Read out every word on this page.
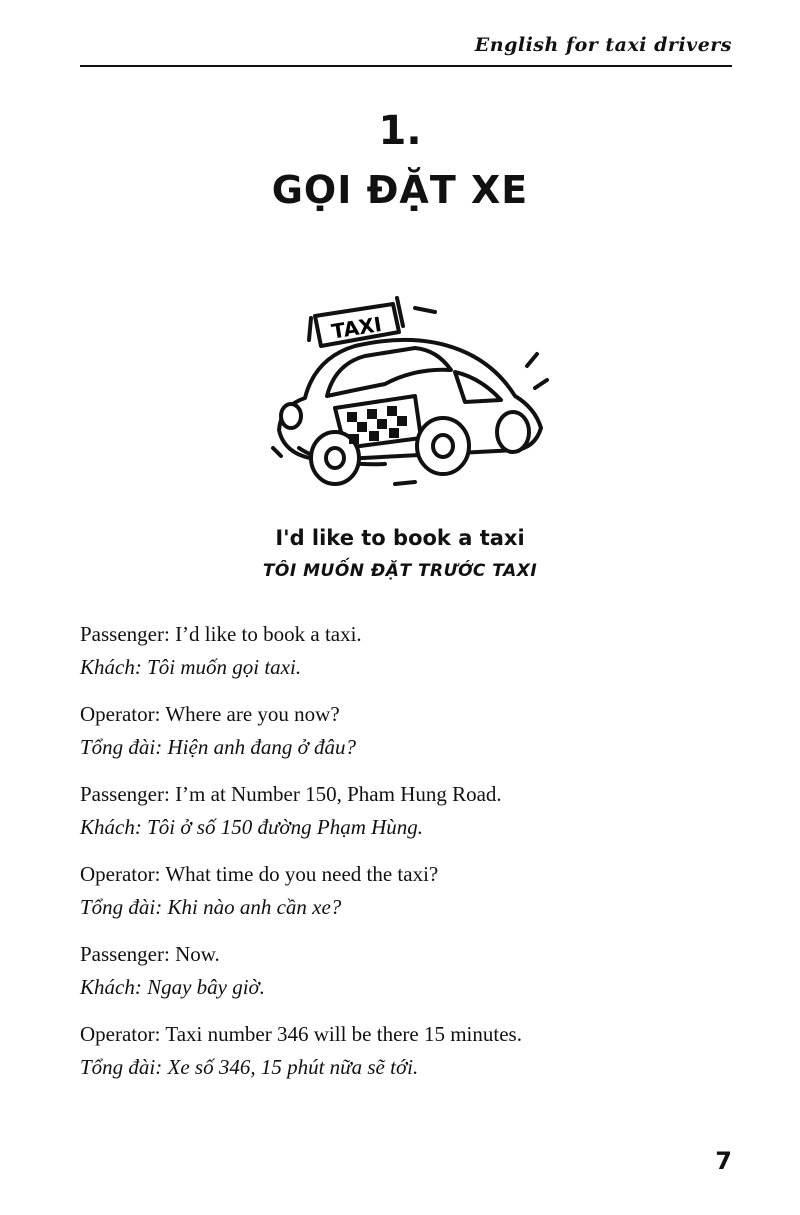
English for taxi drivers
1.
GỌI ĐẶT XE
TAXI
I'd like to book a taxi
TÔI MUỐN ĐẶT TRƯỚC TAXI
Passenger: I’d like to book a taxi.
Khách: Tôi muốn gọi taxi.
Operator: Where are you now?
Tổng đài: Hiện anh đang ở đâu?
Passenger: I’m at Number 150, Pham Hung Road.
Khách: Tôi ở số 150 đường Phạm Hùng.
Operator: What time do you need the taxi?
Tổng đài: Khi nào anh cần xe?
Passenger: Now.
Khách: Ngay bây giờ.
Operator: Taxi number 346 will be there 15 minutes.
Tổng đài: Xe số 346, 15 phút nữa sẽ tới.
7
